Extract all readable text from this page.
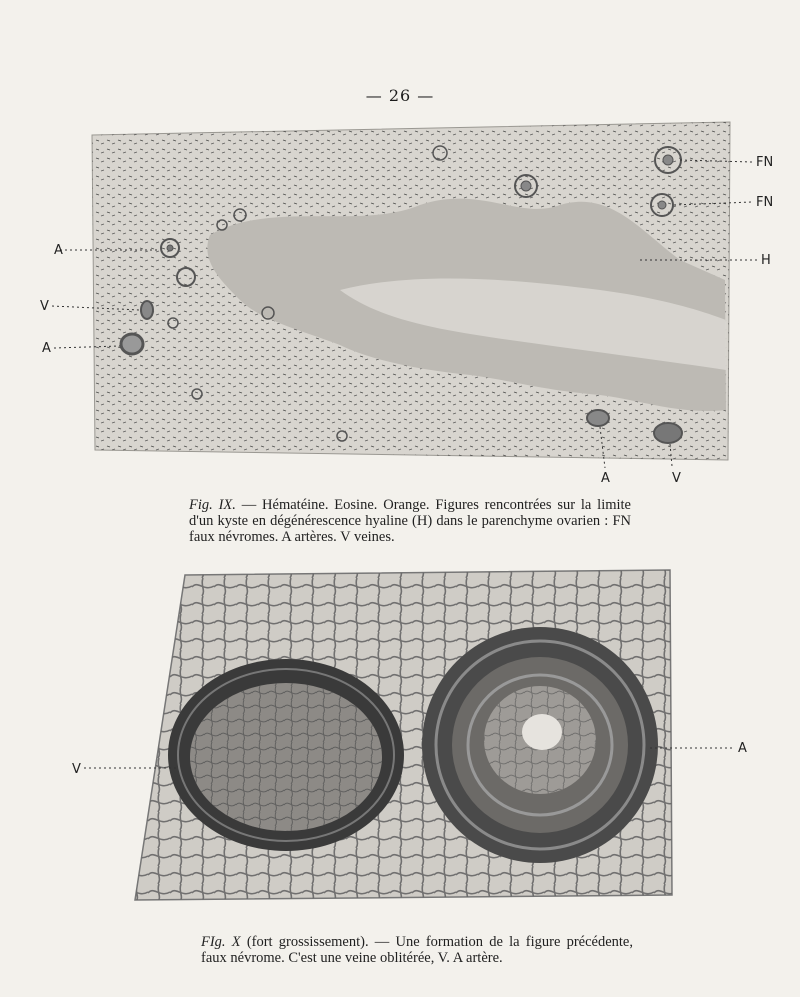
— 26 —
FN
FN
H
A
V
A
A	V

Fig. IX. — Hématéine. Eosine. Orange. Figures rencontrées sur la limite d'un kyste en dégénérescence hyaline (H) dans le parenchyme ovarien : FN faux névromes. A artères. V veines.

V
A

FIg. X (fort grossissement). — Une formation de la figure précédente, faux névrome. C'est une veine oblitérée, V. A artère.
